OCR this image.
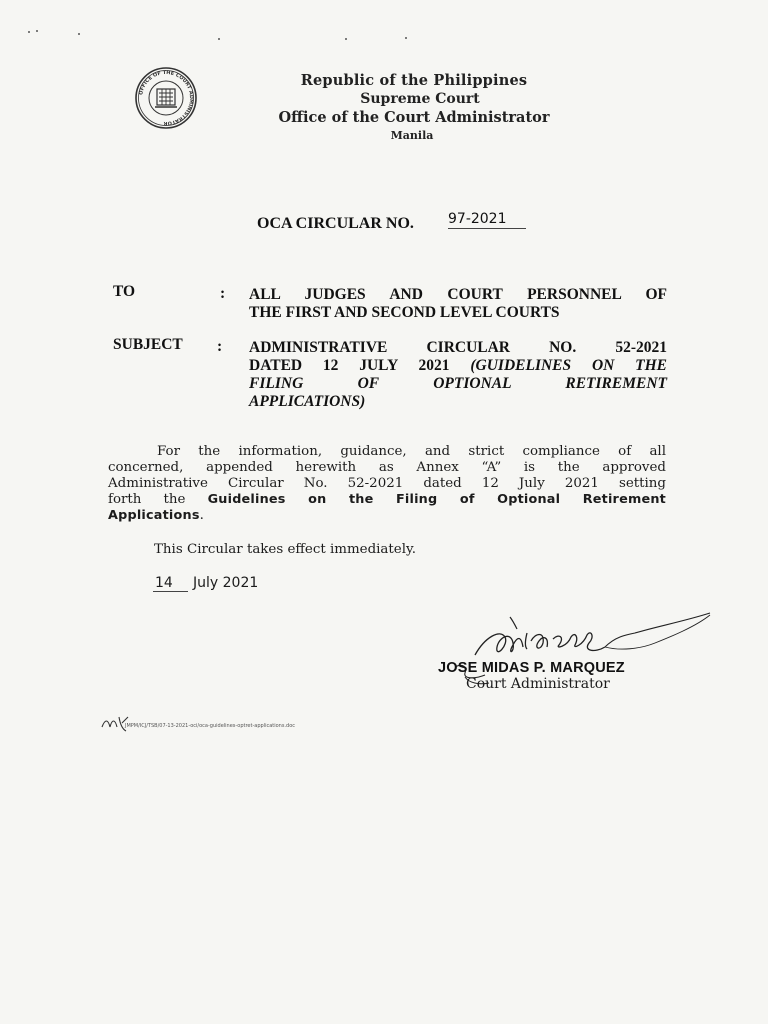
OFFICE OF THE COURT ADMINISTRATOR
Republic of the Philippines
Supreme Court
Office of the Court Administrator
Manila
OCA CIRCULAR NO. 97-2021
TO	: ALL JUDGES AND COURT PERSONNEL OF
THE FIRST AND SECOND LEVEL COURTS
SUBJECT : ADMINISTRATIVE CIRCULAR NO. 52-2021
DATED 12 JULY 2021 (GUIDELINES ON THE
FILING OF OPTIONAL RETIREMENT
APPLICATIONS)
For the information, guidance, and strict compliance of all
concerned, appended herewith as Annex “A” is the approved
Administrative Circular No. 52-2021 dated 12 July 2021 setting
forth the Guidelines on the Filing of Optional Retirement
Applications.
This Circular takes effect immediately.
14	July 2021
JOSE MIDAS P. MARQUEZ
Court Administrator
JMPM/ICJ/TSB/07-13-2021-oci/oca-guidelines-optret-applications.doc
